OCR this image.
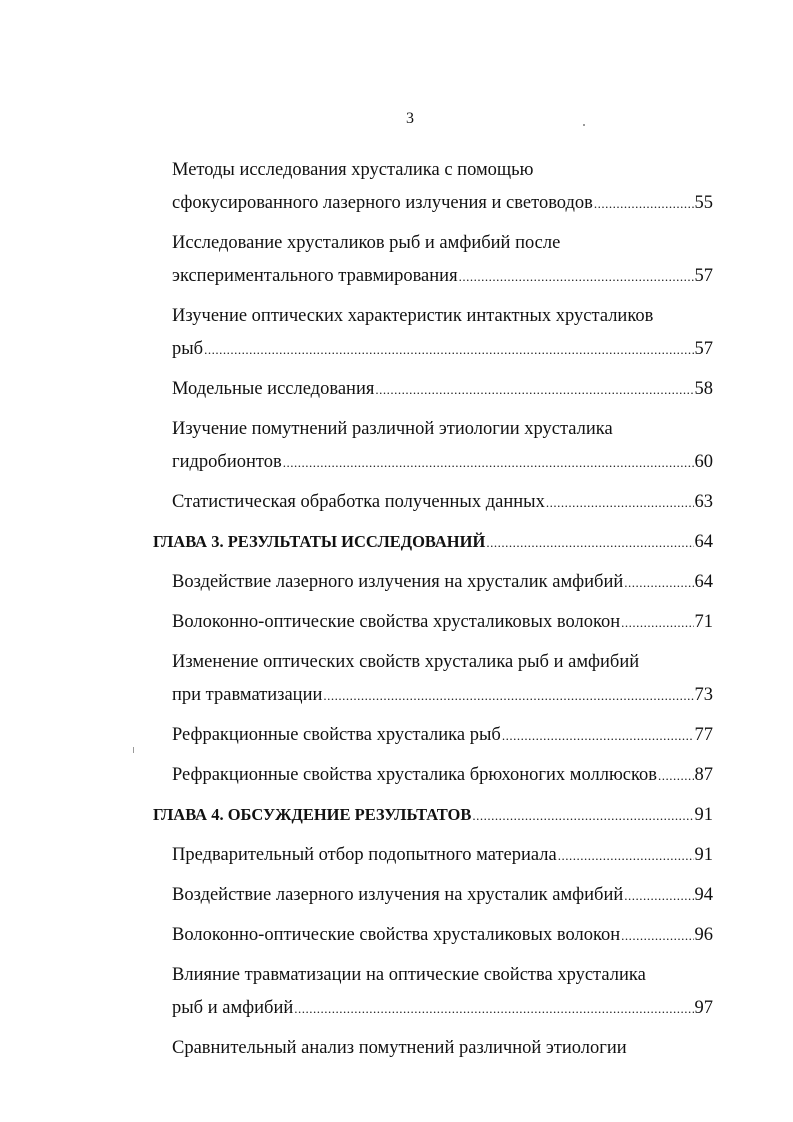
3
Методы исследования хрусталика с помощью
сфокусированного лазерного излучения и световодов .....	55
Исследование хрусталиков рыб и амфибий после
экспериментального травмирования .....	57
Изучение оптических характеристик интактных хрусталиков
рыб .....	57
Модельные исследования .....	58
Изучение помутнений различной этиологии хрусталика
гидробионтов .....	60
Статистическая обработка полученных данных .....	63
ГЛАВА 3. РЕЗУЛЬТАТЫ ИССЛЕДОВАНИЙ .....	64
Воздействие лазерного излучения на хрусталик амфибий .....	64
Волоконно-оптические свойства хрусталиковых волокон .....	71
Изменение оптических свойств хрусталика рыб и амфибий
при травматизации .....	73
Рефракционные свойства хрусталика рыб .....	77
Рефракционные свойства хрусталика брюхоногих моллюсков ..... 87
ГЛАВА 4. ОБСУЖДЕНИЕ РЕЗУЛЬТАТОВ .....	91
Предварительный отбор подопытного материала .....	91
Воздействие лазерного излучения на хрусталик амфибий .....	94
Волоконно-оптические свойства хрусталиковых волокон .....	96
Влияние травматизации на оптические свойства хрусталика
рыб и амфибий .....	97
Сравнительный анализ помутнений различной этиологии
